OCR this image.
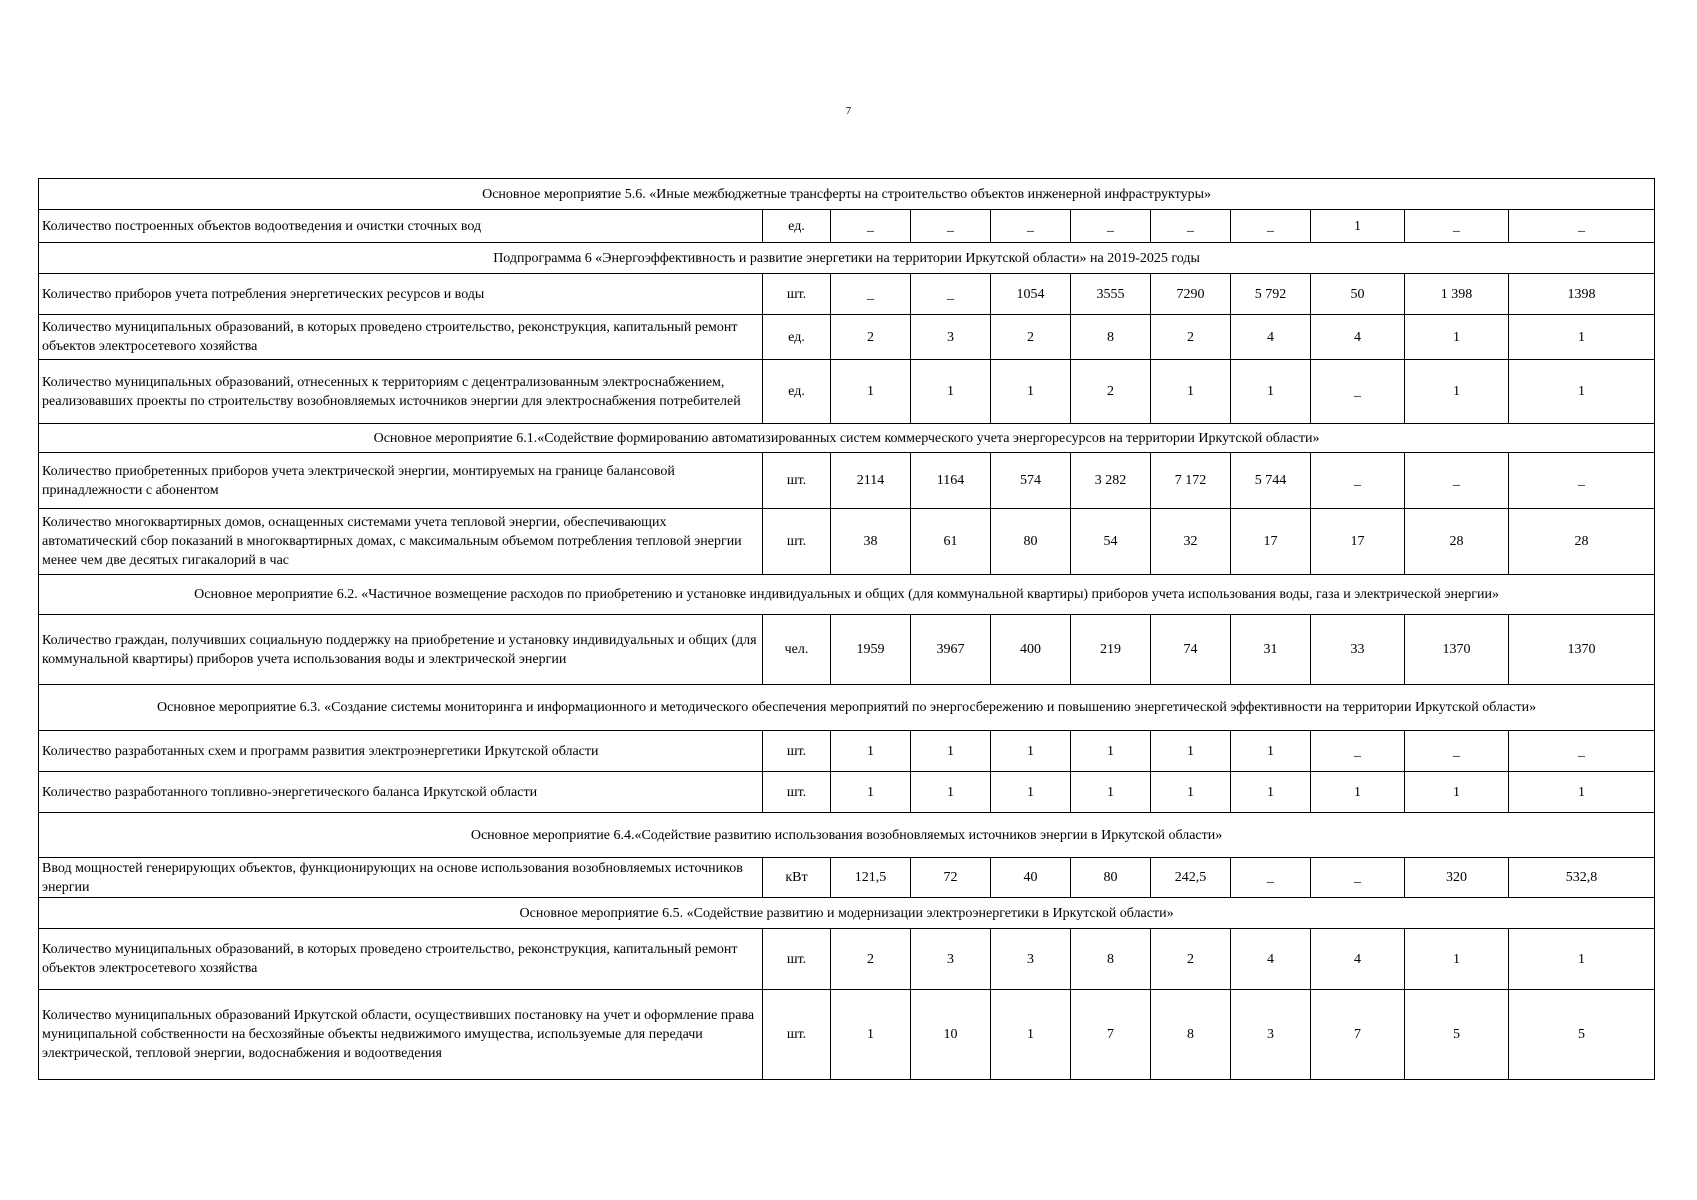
7
Основное мероприятие 5.6. «Иные межбюджетные трансферты на строительство объектов инженерной инфраструктуры»										
Количество построенных объектов водоотведения и очистки сточных вод	ед.	_	_	_	_	_	_	1	_	_
Подпрограмма 6 «Энергоэффективность и развитие энергетики на территории Иркутской области» на 2019-2025 годы										
Количество приборов учета потребления энергетических ресурсов и воды	шт.	_	_	1054	3555	7290	5 792	50	1 398	1398
Количество муниципальных образований, в которых проведено строительство, реконструкция, капитальный ремонт объектов электросетевого хозяйства	ед.	2	3	2	8	2	4	4	1	1
Количество муниципальных образований, отнесенных к территориям с децентрализованным электроснабжением, реализовавших проекты по строительству возобновляемых источников энергии для электроснабжения потребителей	ед.	1	1	1	2	1	1	_	1	1
Основное мероприятие 6.1.«Содействие формированию автоматизированных систем коммерческого учета энергоресурсов на территории Иркутской области»										
Количество приобретенных приборов учета электрической энергии, монтируемых на границе балансовой принадлежности с абонентом	шт.	2114	1164	574	3 282	7 172	5 744	_	_	_
Количество многоквартирных домов, оснащенных системами учета тепловой энергии, обеспечивающих автоматический сбор показаний в многоквартирных домах, с максимальным объемом потребления тепловой энергии менее чем две десятых гигакалорий в час	шт.	38	61	80	54	32	17	17	28	28
Основное мероприятие 6.2. «Частичное возмещение расходов по приобретению и установке индивидуальных и общих (для коммунальной квартиры) приборов учета использования воды, газа и электрической энергии»										
Количество граждан, получивших социальную поддержку на приобретение и установку индивидуальных и общих (для коммунальной квартиры) приборов учета использования воды и электрической энергии	чел.	1959	3967	400	219	74	31	33	1370	1370
Основное мероприятие 6.3. «Создание системы мониторинга и информационного и методического обеспечения мероприятий по энергосбережению и повышению энергетической эффективности на территории Иркутской области»										
Количество разработанных схем и программ развития электроэнергетики Иркутской области	шт.	1	1	1	1	1	1	_	_	_
Количество разработанного топливно-энергетического баланса Иркутской области	шт.	1	1	1	1	1	1	1	1	1
Основное мероприятие 6.4.«Содействие развитию использования возобновляемых источников энергии в Иркутской области»										
Ввод мощностей генерирующих объектов, функционирующих на основе использования возобновляемых источников энергии	кВт	121,5	72	40	80	242,5	_	_	320	532,8
Основное мероприятие 6.5. «Содействие развитию и модернизации электроэнергетики в Иркутской области»										
Количество муниципальных образований, в которых проведено строительство, реконструкция, капитальный ремонт объектов электросетевого хозяйства	шт.	2	3	3	8	2	4	4	1	1
Количество муниципальных образований Иркутской области, осуществивших постановку на учет и оформление права муниципальной собственности на бесхозяйные объекты недвижимого имущества, используемые для передачи электрической, тепловой энергии, водоснабжения и водоотведения	шт.	1	10	1	7	8	3	7	5	5
